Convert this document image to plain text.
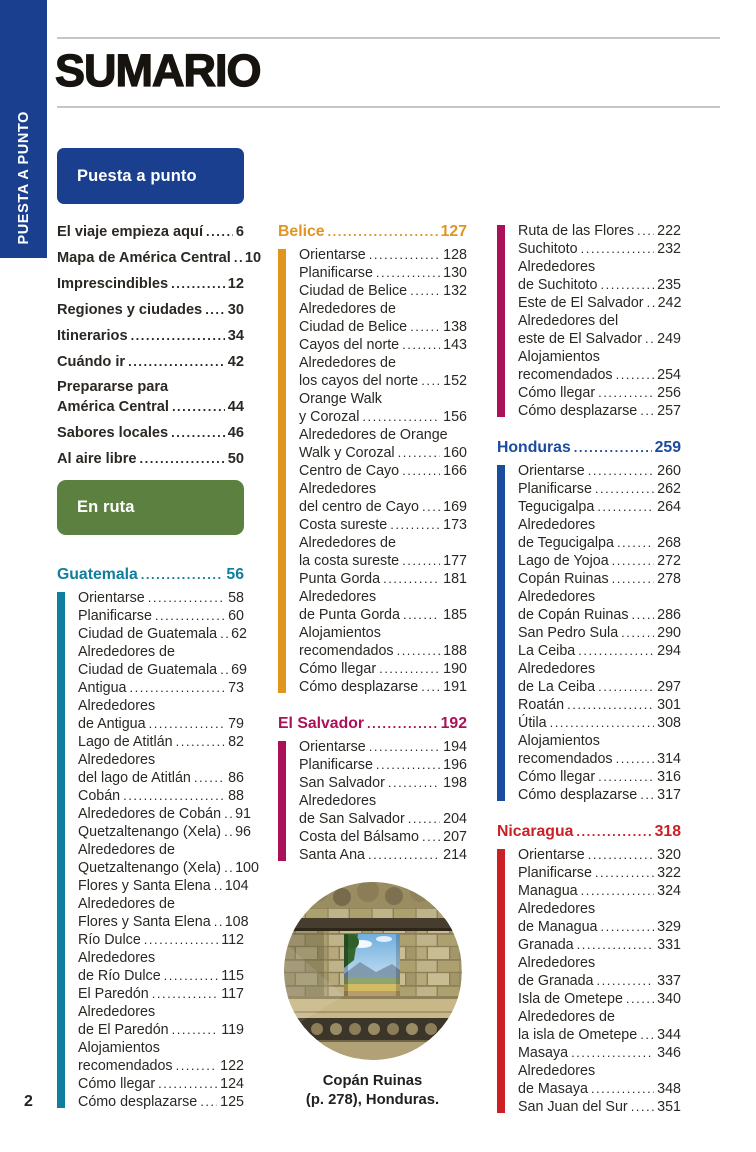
PUESTA A PUNTO
SUMARIO
2
Puesta a punto
El viaje empieza aquí ..... 6
Mapa de América Central ..... 10
Imprescindibles .....	12
Regiones y ciudades ..... 30
Itinerarios .....	34
Cuándo ir .....	42
Prepararse para
América Central .....	44
Sabores locales .....	46
Al aire libre .....	50
En ruta
Guatemala .....	56
Orientarse .....	58
Planificarse .....	60
Ciudad de Guatemala ..... 62
Alrededores de
Ciudad de Guatemala ..... 69
Antigua .....	73
Alrededores
de Antigua .....	79
Lago de Atitlán .....	82
Alrededores
del lago de Atitlán .....	86
Cobán .....	88
Alrededores de Cobán ..... 91
Quetzaltenango (Xela) ..... 96
Alrededores de
Quetzaltenango (Xela) ..... 100
Flores y Santa Elena ..... 104
Alrededores de
Flores y Santa Elena ..... 108
Río Dulce .....	112
Alrededores
de Río Dulce .....	115
El Paredón .....	117
Alrededores
de El Paredón .....	119
Alojamientos
recomendados .....	122
Cómo llegar .....	124
Cómo desplazarse ..... 125
Belice .....	127
Orientarse .....	128
Planificarse .....	130
Ciudad de Belice .....	132
Alrededores de
Ciudad de Belice .....	138
Cayos del norte .....	143
Alrededores de
los cayos del norte ..... 152
Orange Walk
y Corozal .....	156
Alrededores de Orange
Walk y Corozal .....	160
Centro de Cayo .....	166
Alrededores
del centro de Cayo ..... 169
Costa sureste .....	173
Alrededores de
la costa sureste .....	177
Punta Gorda .....	181
Alrededores
de Punta Gorda .....	185
Alojamientos
recomendados .....	188
Cómo llegar .....	190
Cómo desplazarse ..... 191
El Salvador .....	192
Orientarse .....	194
Planificarse .....	196
San Salvador .....	198
Alrededores
de San Salvador .....	204
Costa del Bálsamo ..... 207
Santa Ana .....	214
Copán Ruinas
(p. 278), Honduras.
Ruta de las Flores ..... 222
Suchitoto .....	232
Alrededores
de Suchitoto .....	235
Este de El Salvador ..... 242
Alrededores del
este de El Salvador ..... 249
Alojamientos
recomendados .....	254
Cómo llegar .....	256
Cómo desplazarse ..... 257
Honduras .....	259
Orientarse .....	260
Planificarse .....	262
Tegucigalpa .....	264
Alrededores
de Tegucigalpa .....	268
Lago de Yojoa .....	272
Copán Ruinas .....	278
Alrededores
de Copán Ruinas ..... 286
San Pedro Sula .....	290
La Ceiba .....	294
Alrededores
de La Ceiba .....	297
Roatán .....	301
Útila .....	308
Alojamientos
recomendados .....	314
Cómo llegar .....	316
Cómo desplazarse ..... 317
Nicaragua .....	318
Orientarse .....	320
Planificarse .....	322
Managua .....	324
Alrededores
de Managua .....	329
Granada .....	331
Alrededores
de Granada .....	337
Isla de Ometepe ..... 340
Alrededores de
la isla de Ometepe ..... 344
Masaya .....	346
Alrededores
de Masaya .....	348
San Juan del Sur ..... 351
